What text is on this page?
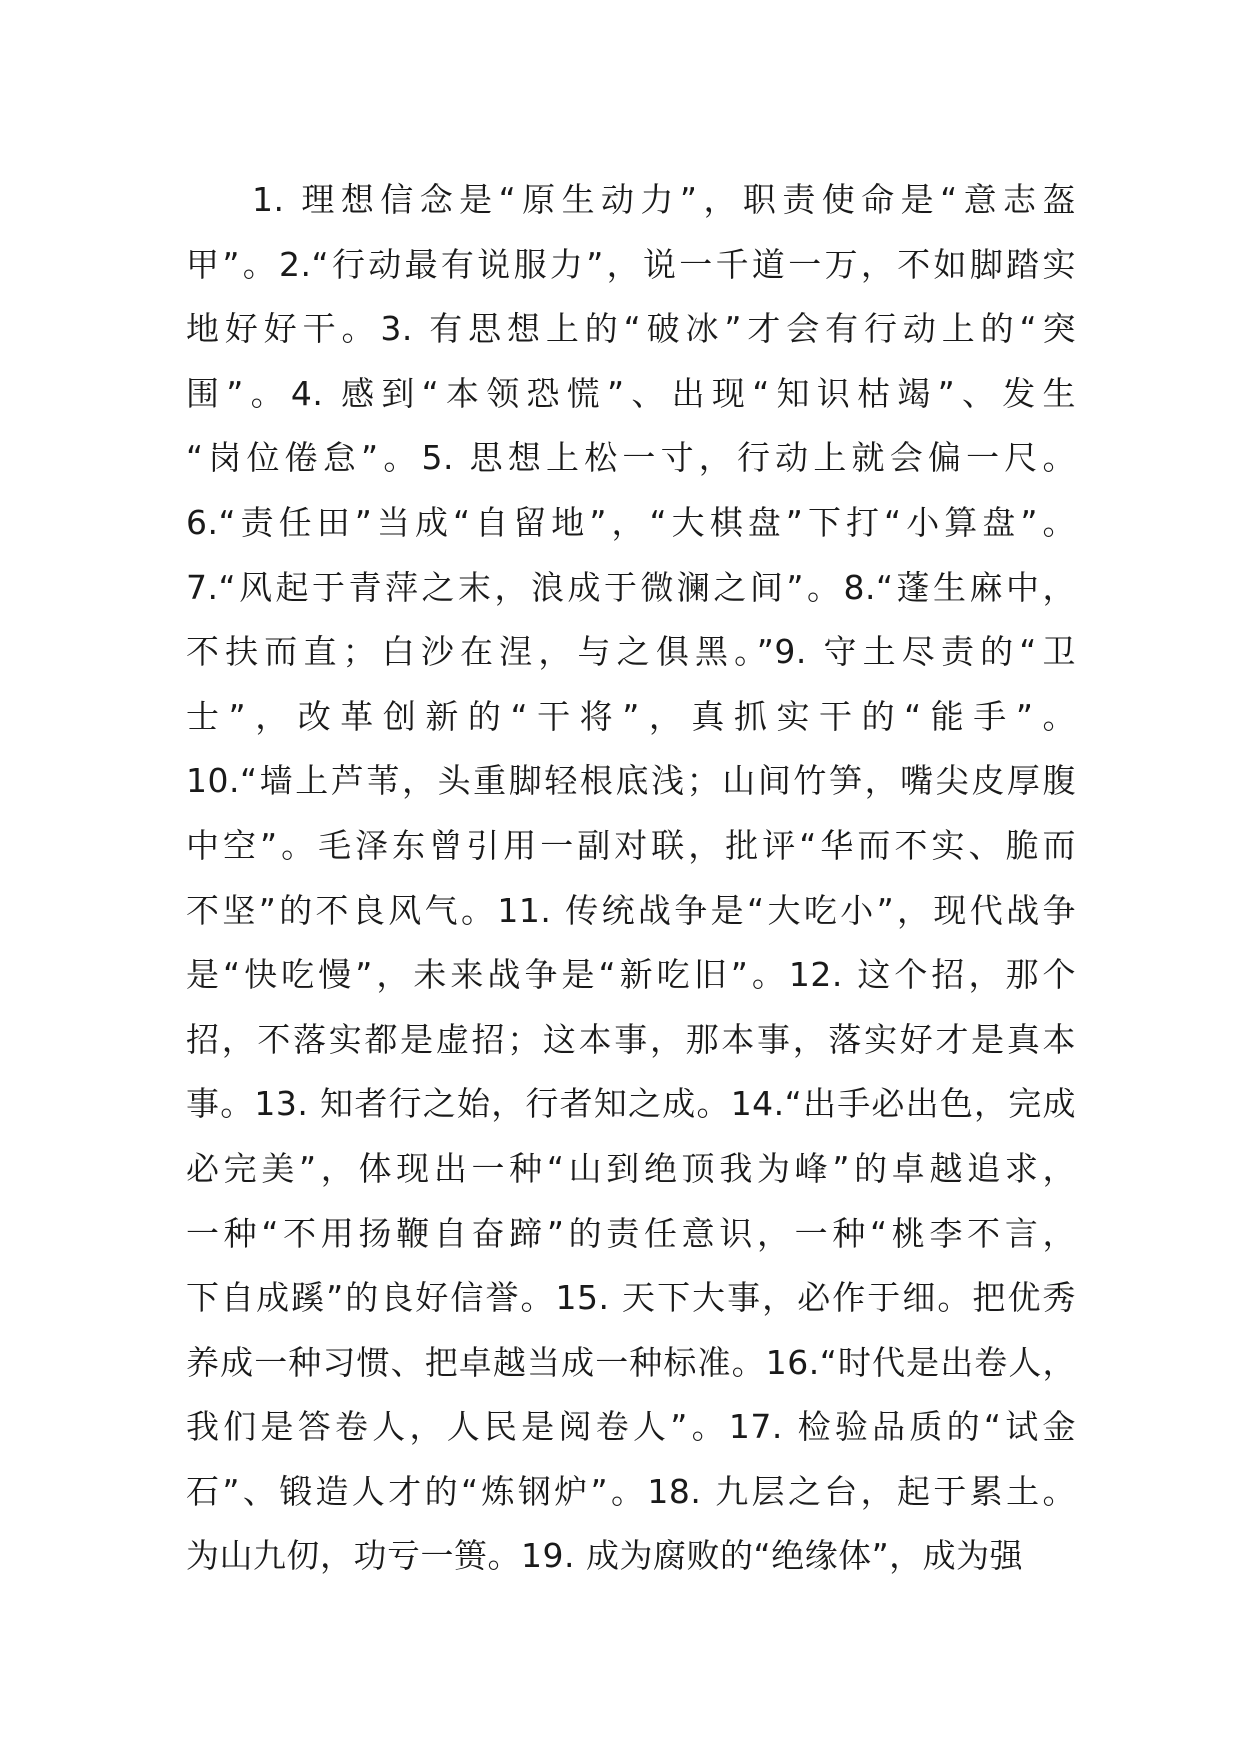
1. 理想信念是“原生动力”，职责使命是“意志盔
甲”。2.“行动最有说服力”，说一千道一万，不如脚踏实
地好好干。3. 有思想上的“破冰”才会有行动上的“突
围”。4. 感到“本领恐慌”、出现“知识枯竭”、发生
“岗位倦怠”。5. 思想上松一寸，行动上就会偏一尺。
6.“责任田”当成“自留地”，“大棋盘”下打“小算盘”。
7.“风起于青萍之末，浪成于微澜之间”。8.“蓬生麻中，
不扶而直；白沙在涅，与之俱黑。”9. 守土尽责的“卫
士”，改革创新的“干将”，真抓实干的“能手”。
10.“墙上芦苇，头重脚轻根底浅；山间竹笋，嘴尖皮厚腹
中空”。毛泽东曾引用一副对联，批评“华而不实、脆而
不坚”的不良风气。11. 传统战争是“大吃小”，现代战争
是“快吃慢”，未来战争是“新吃旧”。12. 这个招，那个
招，不落实都是虚招；这本事，那本事，落实好才是真本
事。13. 知者行之始，行者知之成。14.“出手必出色，完成
必完美”，体现出一种“山到绝顶我为峰”的卓越追求，
一种“不用扬鞭自奋蹄”的责任意识，一种“桃李不言，
下自成蹊”的良好信誉。15. 天下大事，必作于细。把优秀
养成一种习惯、把卓越当成一种标准。16.“时代是出卷人，
我们是答卷人，人民是阅卷人”。17. 检验品质的“试金
石”、锻造人才的“炼钢炉”。18. 九层之台，起于累土。
为山九仞，功亏一篑。19. 成为腐败的“绝缘体”，成为强
